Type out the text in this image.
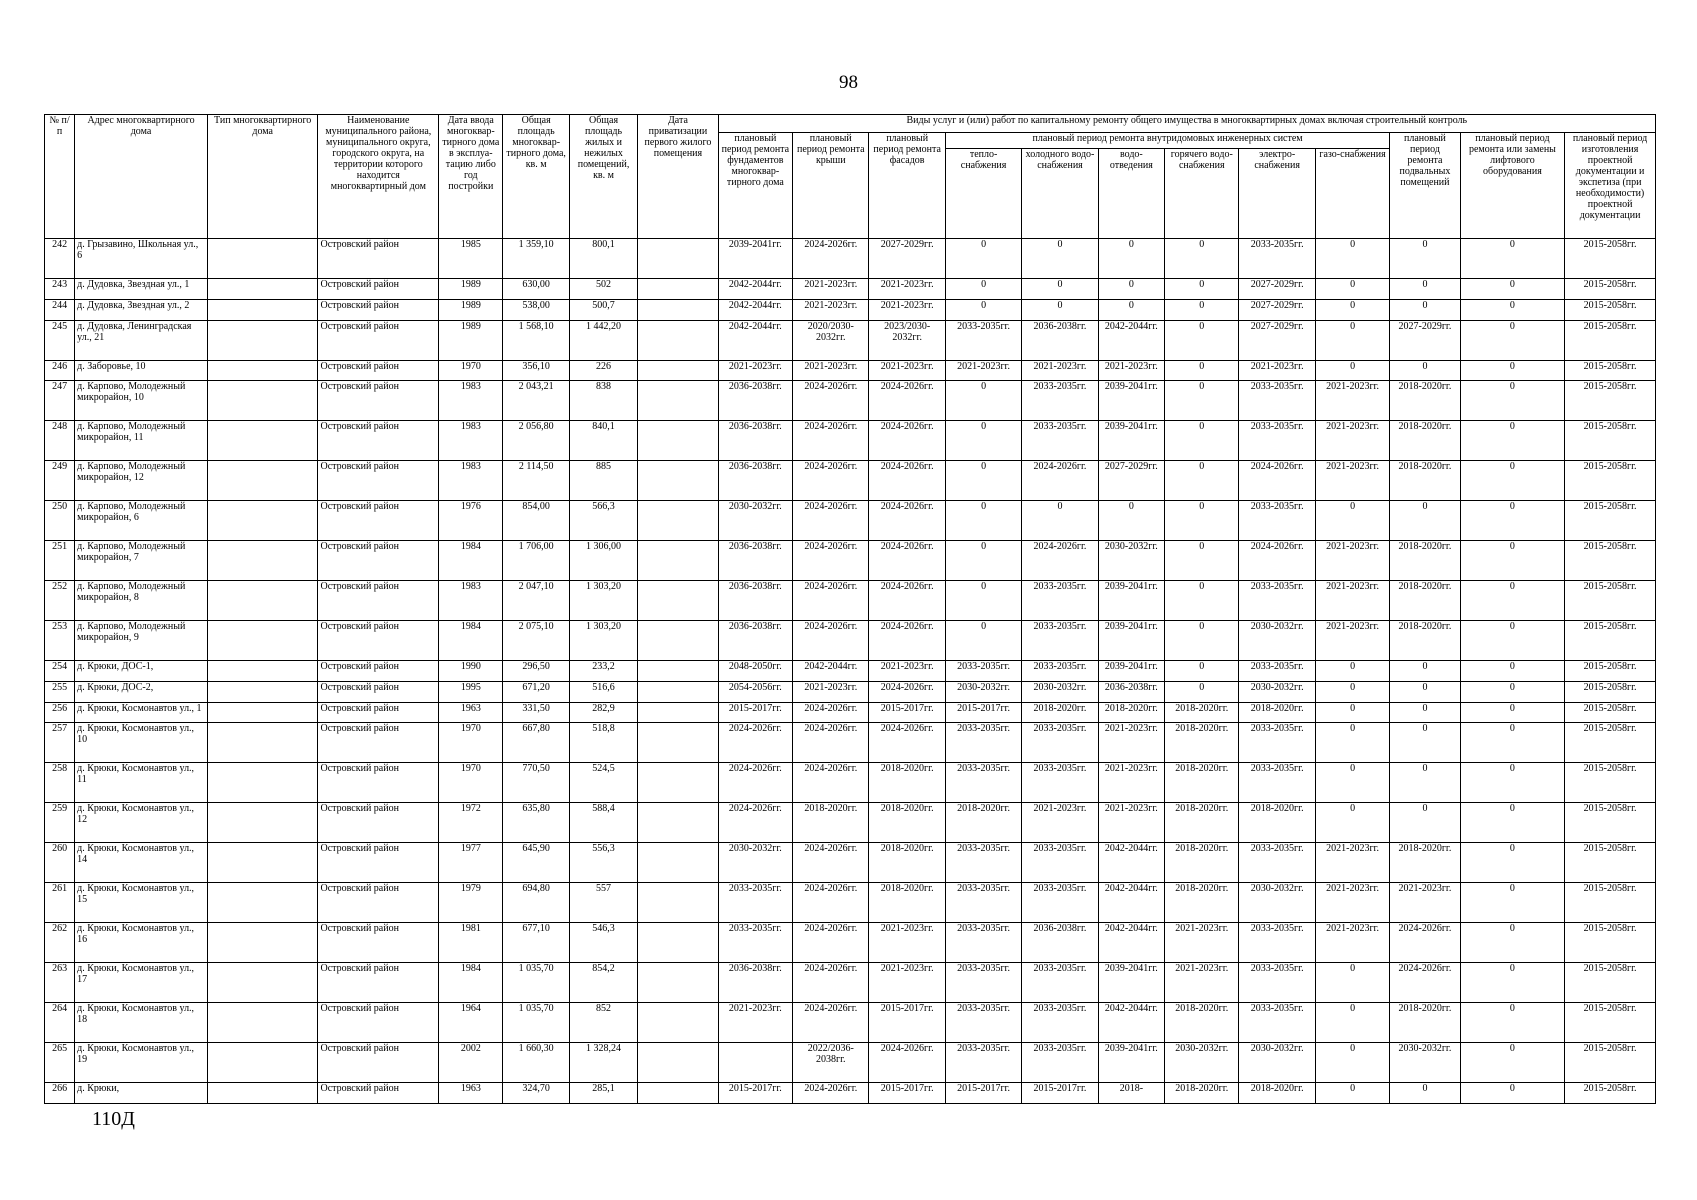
98
№ п/п	Адрес многоквартирного дома	Тип многоквартирного дома	Наименование муниципального района, муниципального округа, городского округа, на территории которого находится многоквартирный дом	Дата ввода многоквар-тирного дома в эксплуа-тацию либо год постройки	Общая площадь многоквар-тирного дома, кв. м	Общая площадь жилых и нежилых помещений, кв. м	Дата приватизации первого жилого помещения	Виды услуг и (или) работ по капитальному ремонту общего имущества в многоквартирных домах включая строительный контроль											
								плановый период ремонта фундаментов многоквар-тирного дома	плановый период ремонта крыши	плановый период ремонта фасадов	плановый период ремонта внутридомовых инженерных систем						плановый период ремонта подвальных помещений	плановый период ремонта или замены лифтового оборудования	плановый период изготовления проектной документации и экспетиза (при необходимости) проектной документации
											тепло-снабжения	холодного водо-снабжения	водо-отведения	горячего водо-снабжения	электро-снабжения	газо-снабжения			
242	д. Грызавино, Школьная ул., 6		Островский район	1985	1 359,10	800,1		2039-2041гг.	2024-2026гг.	2027-2029гг.	0	0	0	0	2033-2035гг.	0	0	0	2015-2058гг.
243	д. Дудовка, Звездная ул., 1		Островский район	1989	630,00	502		2042-2044гг.	2021-2023гг.	2021-2023гг.	0	0	0	0	2027-2029гг.	0	0	0	2015-2058гг.
244	д. Дудовка, Звездная ул., 2		Островский район	1989	538,00	500,7		2042-2044гг.	2021-2023гг.	2021-2023гг.	0	0	0	0	2027-2029гг.	0	0	0	2015-2058гг.
245	д. Дудовка, Ленинградская ул., 21		Островский район	1989	1 568,10	1 442,20		2042-2044гг.	2020/2030-2032гг.	2023/2030-2032гг.	2033-2035гг.	2036-2038гг.	2042-2044гг.	0	2027-2029гг.	0	2027-2029гг.	0	2015-2058гг.
246	д. Заборовье, 10		Островский район	1970	356,10	226		2021-2023гг.	2021-2023гг.	2021-2023гг.	2021-2023гг.	2021-2023гг.	2021-2023гг.	0	2021-2023гг.	0	0	0	2015-2058гг.
247	д. Карпово, Молодежный микрорайон, 10		Островский район	1983	2 043,21	838		2036-2038гг.	2024-2026гг.	2024-2026гг.	0	2033-2035гг.	2039-2041гг.	0	2033-2035гг.	2021-2023гг.	2018-2020гг.	0	2015-2058гг.
248	д. Карпово, Молодежный микрорайон, 11		Островский район	1983	2 056,80	840,1		2036-2038гг.	2024-2026гг.	2024-2026гг.	0	2033-2035гг.	2039-2041гг.	0	2033-2035гг.	2021-2023гг.	2018-2020гг.	0	2015-2058гг.
249	д. Карпово, Молодежный микрорайон, 12		Островский район	1983	2 114,50	885		2036-2038гг.	2024-2026гг.	2024-2026гг.	0	2024-2026гг.	2027-2029гг.	0	2024-2026гг.	2021-2023гг.	2018-2020гг.	0	2015-2058гг.
250	д. Карпово, Молодежный микрорайон, 6		Островский район	1976	854,00	566,3		2030-2032гг.	2024-2026гг.	2024-2026гг.	0	0	0	0	2033-2035гг.	0	0	0	2015-2058гг.
251	д. Карпово, Молодежный микрорайон, 7		Островский район	1984	1 706,00	1 306,00		2036-2038гг.	2024-2026гг.	2024-2026гг.	0	2024-2026гг.	2030-2032гг.	0	2024-2026гг.	2021-2023гг.	2018-2020гг.	0	2015-2058гг.
252	д. Карпово, Молодежный микрорайон, 8		Островский район	1983	2 047,10	1 303,20		2036-2038гг.	2024-2026гг.	2024-2026гг.	0	2033-2035гг.	2039-2041гг.	0	2033-2035гг.	2021-2023гг.	2018-2020гг.	0	2015-2058гг.
253	д. Карпово, Молодежный микрорайон, 9		Островский район	1984	2 075,10	1 303,20		2036-2038гг.	2024-2026гг.	2024-2026гг.	0	2033-2035гг.	2039-2041гг.	0	2030-2032гг.	2021-2023гг.	2018-2020гг.	0	2015-2058гг.
254	д. Крюки, ДОС-1,		Островский район	1990	296,50	233,2		2048-2050гг.	2042-2044гг.	2021-2023гг.	2033-2035гг.	2033-2035гг.	2039-2041гг.	0	2033-2035гг.	0	0	0	2015-2058гг.
255	д. Крюки, ДОС-2,		Островский район	1995	671,20	516,6		2054-2056гг.	2021-2023гг.	2024-2026гг.	2030-2032гг.	2030-2032гг.	2036-2038гг.	0	2030-2032гг.	0	0	0	2015-2058гг.
256	д. Крюки, Космонавтов ул., 1		Островский район	1963	331,50	282,9		2015-2017гг.	2024-2026гг.	2015-2017гг.	2015-2017гг.	2018-2020гг.	2018-2020гг.	2018-2020гг.	2018-2020гг.	0	0	0	2015-2058гг.
257	д. Крюки, Космонавтов ул., 10		Островский район	1970	667,80	518,8		2024-2026гг.	2024-2026гг.	2024-2026гг.	2033-2035гг.	2033-2035гг.	2021-2023гг.	2018-2020гг.	2033-2035гг.	0	0	0	2015-2058гг.
258	д. Крюки, Космонавтов ул., 11		Островский район	1970	770,50	524,5		2024-2026гг.	2024-2026гг.	2018-2020гг.	2033-2035гг.	2033-2035гг.	2021-2023гг.	2018-2020гг.	2033-2035гг.	0	0	0	2015-2058гг.
259	д. Крюки, Космонавтов ул., 12		Островский район	1972	635,80	588,4		2024-2026гг.	2018-2020гг.	2018-2020гг.	2018-2020гг.	2021-2023гг.	2021-2023гг.	2018-2020гг.	2018-2020гг.	0	0	0	2015-2058гг.
260	д. Крюки, Космонавтов ул., 14		Островский район	1977	645,90	556,3		2030-2032гг.	2024-2026гг.	2018-2020гг.	2033-2035гг.	2033-2035гг.	2042-2044гг.	2018-2020гг.	2033-2035гг.	2021-2023гг.	2018-2020гг.	0	2015-2058гг.
261	д. Крюки, Космонавтов ул., 15		Островский район	1979	694,80	557		2033-2035гг.	2024-2026гг.	2018-2020гг.	2033-2035гг.	2033-2035гг.	2042-2044гг.	2018-2020гг.	2030-2032гг.	2021-2023гг.	2021-2023гг.	0	2015-2058гг.
262	д. Крюки, Космонавтов ул., 16		Островский район	1981	677,10	546,3		2033-2035гг.	2024-2026гг.	2021-2023гг.	2033-2035гг.	2036-2038гг.	2042-2044гг.	2021-2023гг.	2033-2035гг.	2021-2023гг.	2024-2026гг.	0	2015-2058гг.
263	д. Крюки, Космонавтов ул., 17		Островский район	1984	1 035,70	854,2		2036-2038гг.	2024-2026гг.	2021-2023гг.	2033-2035гг.	2033-2035гг.	2039-2041гг.	2021-2023гг.	2033-2035гг.	0	2024-2026гг.	0	2015-2058гг.
264	д. Крюки, Космонавтов ул., 18		Островский район	1964	1 035,70	852		2021-2023гг.	2024-2026гг.	2015-2017гг.	2033-2035гг.	2033-2035гг.	2042-2044гг.	2018-2020гг.	2033-2035гг.	0	2018-2020гг.	0	2015-2058гг.
265	д. Крюки, Космонавтов ул., 19		Островский район	2002	1 660,30	1 328,24			2022/2036-2038гг.	2024-2026гг.	2033-2035гг.	2033-2035гг.	2039-2041гг.	2030-2032гг.	2030-2032гг.	0	2030-2032гг.	0	2015-2058гг.
266	д. Крюки,		Островский район	1963	324,70	285,1		2015-2017гг.	2024-2026гг.	2015-2017гг.	2015-2017гг.	2015-2017гг.	2018-	2018-2020гг.	2018-2020гг.	0	0	0	2015-2058гг.
110Д
